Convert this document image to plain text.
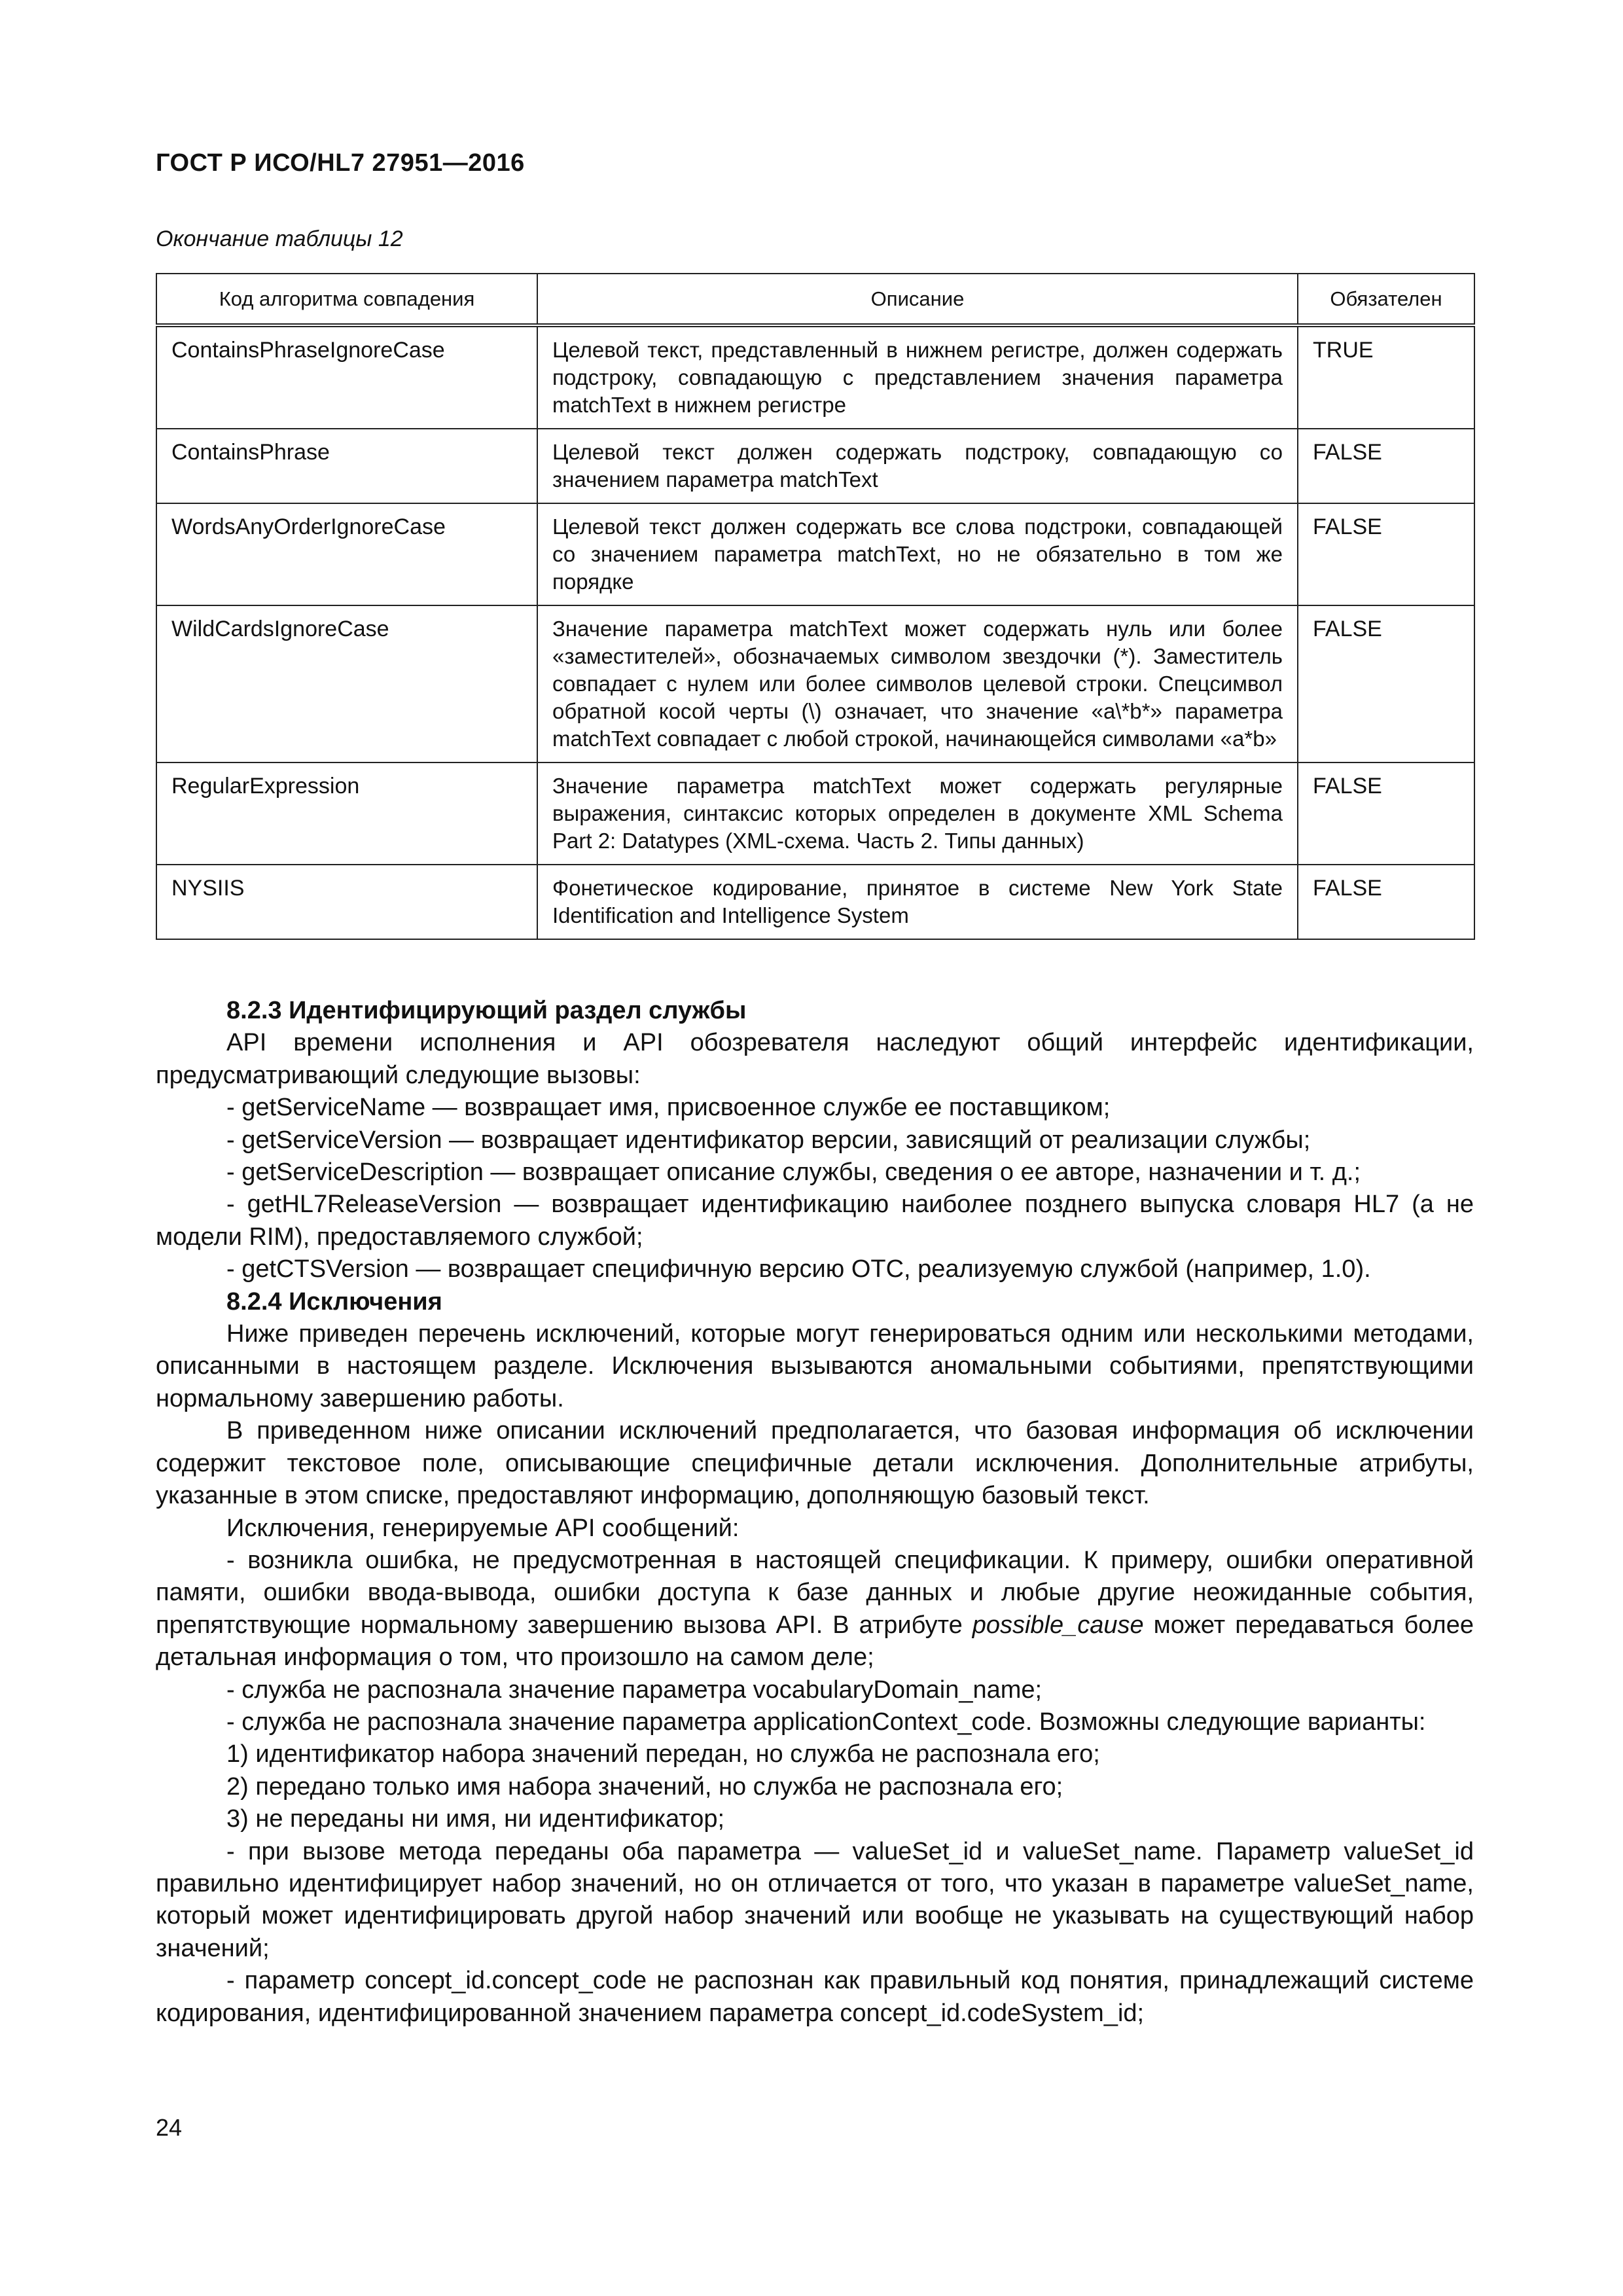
ГОСТ Р ИСО/HL7 27951—2016
Окончание таблицы 12
Код алгоритма совпадения	Описание	Обязателен
ContainsPhraseIgnoreCase	Целевой текст, представленный в нижнем регистре, должен содержать подстроку, совпадающую с представлением значения параметра matchText в нижнем регистре	TRUE
ContainsPhrase	Целевой текст должен содержать подстроку, совпадающую со значением параметра matchText	FALSE
WordsAnyOrderIgnoreCase	Целевой текст должен содержать все слова подстроки, совпадающей со значением параметра matchText, но не обязательно в том же порядке	FALSE
WildCardsIgnoreCase	Значение параметра matchText может содержать нуль или более «заместителей», обозначаемых символом звездочки (*). Заместитель совпадает с нулем или более символов целевой строки. Спецсимвол обратной косой черты (\) означает, что значение «a\*b*» параметра matchText совпадает с любой строкой, начинающейся символами «a*b»	FALSE
RegularExpression	Значение параметра matchText может содержать регулярные выражения, синтаксис которых определен в документе XML Schema Part 2: Datatypes (XML-схема. Часть 2. Типы данных)	FALSE
NYSIIS	Фонетическое кодирование, принятое в системе New York State Identification and Intelligence System	FALSE

8.2.3 Идентифицирующий раздел службы

API времени исполнения и API обозревателя наследуют общий интерфейс идентификации, предусматривающий следующие вызовы:

- getServiceName — возвращает имя, присвоенное службе ее поставщиком;

- getServiceVersion — возвращает идентификатор версии, зависящий от реализации службы;

- getServiceDescription — возвращает описание службы, сведения о ее авторе, назначении и т. д.;

- getHL7ReleaseVersion — возвращает идентификацию наиболее позднего выпуска словаря HL7 (а не модели RIM), предоставляемого службой;

- getCTSVersion — возвращает специфичную версию ОТС, реализуемую службой (например, 1.0).

8.2.4 Исключения

Ниже приведен перечень исключений, которые могут генерироваться одним или несколькими методами, описанными в настоящем разделе. Исключения вызываются аномальными событиями, препятствующими нормальному завершению работы.

В приведенном ниже описании исключений предполагается, что базовая информация об исключении содержит текстовое поле, описывающие специфичные детали исключения. Дополнительные атрибуты, указанные в этом списке, предоставляют информацию, дополняющую базовый текст.

Исключения, генерируемые API сообщений:

- возникла ошибка, не предусмотренная в настоящей спецификации. К примеру, ошибки оперативной памяти, ошибки ввода-вывода, ошибки доступа к базе данных и любые другие неожиданные события, препятствующие нормальному завершению вызова API. В атрибуте possible_cause может передаваться более детальная информация о том, что произошло на самом деле;

- служба не распознала значение параметра vocabularyDomain_name;

- служба не распознала значение параметра applicationContext_code. Возможны следующие варианты:

1) идентификатор набора значений передан, но служба не распознала его;

2) передано только имя набора значений, но служба не распознала его;

3) не переданы ни имя, ни идентификатор;

- при вызове метода переданы оба параметра — valueSet_id и valueSet_name. Параметр valueSet_id правильно идентифицирует набор значений, но он отличается от того, что указан в параметре valueSet_name, который может идентифицировать другой набор значений или вообще не указывать на существующий набор значений;

- параметр concept_id.concept_code не распознан как правильный код понятия, принадлежащий системе кодирования, идентифицированной значением параметра concept_id.codeSystem_id;

24
